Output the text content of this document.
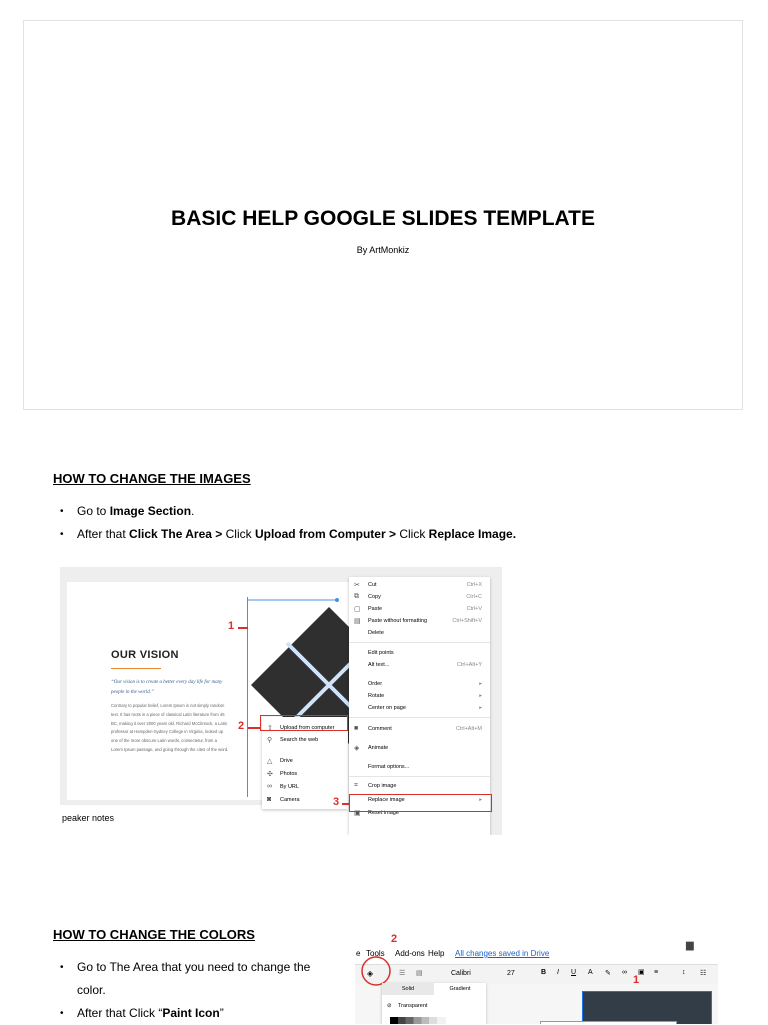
BASIC HELP GOOGLE SLIDES TEMPLATE
By ArtMonkiz
HOW TO CHANGE THE IMAGES
• Go to Image Section.
• After that Click The Area > Click Upload from Computer > Click Replace Image.
OUR VISION
“Our vision is to create a better every day life for many people in the world.”
Contrary to popular belief, Lorem Ipsum is not simply random text. It has roots in a piece of classical Latin literature from 45 BC, making it over 2000 years old. Richard McClintock, a Latin professor at Hampden-Sydney College in Virginia, looked up one of the more obscure Latin words, consectetur, from a Lorem Ipsum passage, and going through the cites of the word.
peaker notes
⇧ Upload from computer
⚲ Search the web
△ Drive
✣ Photos
∞ By URL
◙ Camera
✂ Cut	Ctrl+X
⧉ Copy	Ctrl+C
▢ Paste	Ctrl+V
▤ Paste without formatting	Ctrl+Shift+V
Delete
Edit points
Alt text...	Ctrl+Alt+Y
Order	▸
Rotate	▸
Center on page	▸
■ Comment	Ctrl+Alt+M
◈ Animate
Format options...
⌗ Crop image
Replace image	▸
▣ Reset image
1
2
3
HOW TO CHANGE THE COLORS
• Go to The Area that you need to change the color.
• After that Click “Paint Icon”
e Tools Add-ons Help All changes saved in Drive
▆
2
◈	☰ ▤	Calibri	27	B I U A ✎ ∞ ▣ ≡	↕ ☷
1
Solid	Gradient
⊘ Transparent
